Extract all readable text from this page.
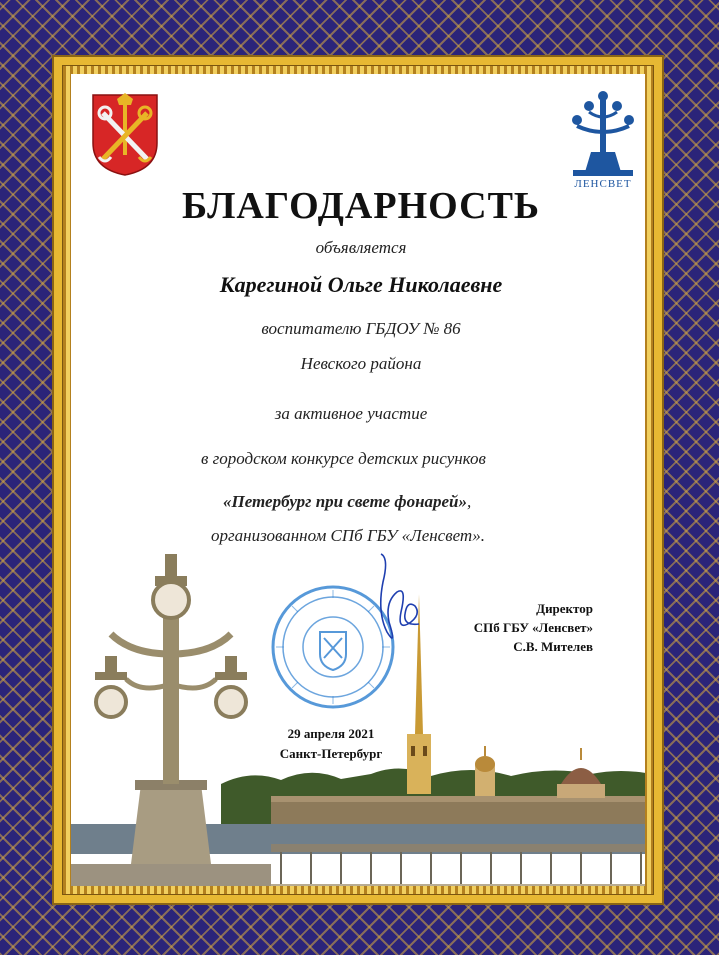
ЛЕНСВЕТ
БЛАГОДАРНОСТЬ
объявляется
Карегиной Ольге Николаевне
воспитателю ГБДОУ № 86
Невского района
за активное участие
в городском конкурсе детских рисунков
«Петербург при свете фонарей»,
организованном СПб ГБУ «Ленсвет».
Директор
СПб ГБУ «Ленсвет»
С.В. Мителев
29 апреля 2021
Санкт-Петербург
